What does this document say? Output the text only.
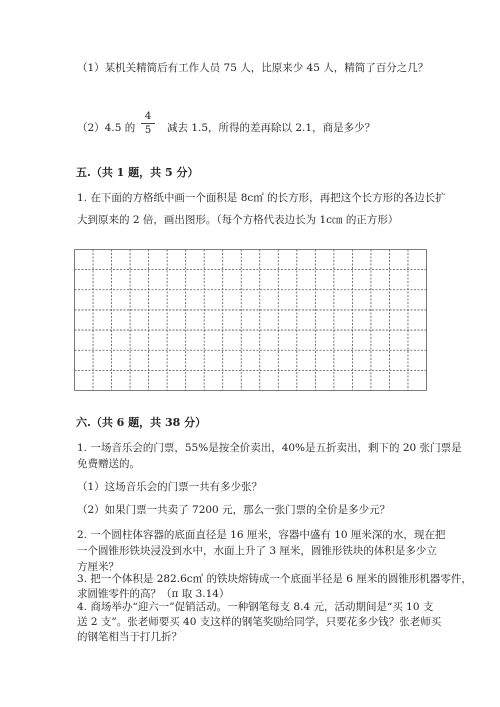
（1）某机关精简后有工作人员 75 人，比原来少 45 人，精简了百分之几？
（2）4.5 的
4
5	减去 1.5，所得的差再除以 2.1，商是多少？
五.（共 1 题，共 5 分）
1. 在下面的方格纸中画一个面积是 8c㎡ 的长方形，再把这个长方形的各边长扩
大到原来的 2 倍，画出图形。（每个方格代表边长为 1c㎝ 的正方形）
六.（共 6 题，共 38 分）
1. 一场音乐会的门票，55%是按全价卖出，40%是五折卖出，剩下的 20 张门票是
免费赠送的。
（1）这场音乐会的门票一共有多少张？
（2）如果门票一共卖了 7200 元，那么一张门票的全价是多少元？
2. 一个圆柱体容器的底面直径是 16 厘米，容器中盛有 10 厘米深的水，现在把
一个圆锥形铁块浸没到水中，水面上升了 3 厘米，圆锥形铁块的体积是多少立
方厘米？
3. 把一个体积是 282.6c㎥ 的铁块熔铸成一个底面半径是 6 厘米的圆锥形机器零件，
求圆锥零件的高？（π 取 3.14）
4. 商场举办“迎六一”促销活动。一种钢笔每支 8.4 元，活动期间是“买 10 支
送 2 支”。张老师要买 40 支这样的钢笔奖励给同学，只要花多少钱？张老师买
的钢笔相当于打几折？
